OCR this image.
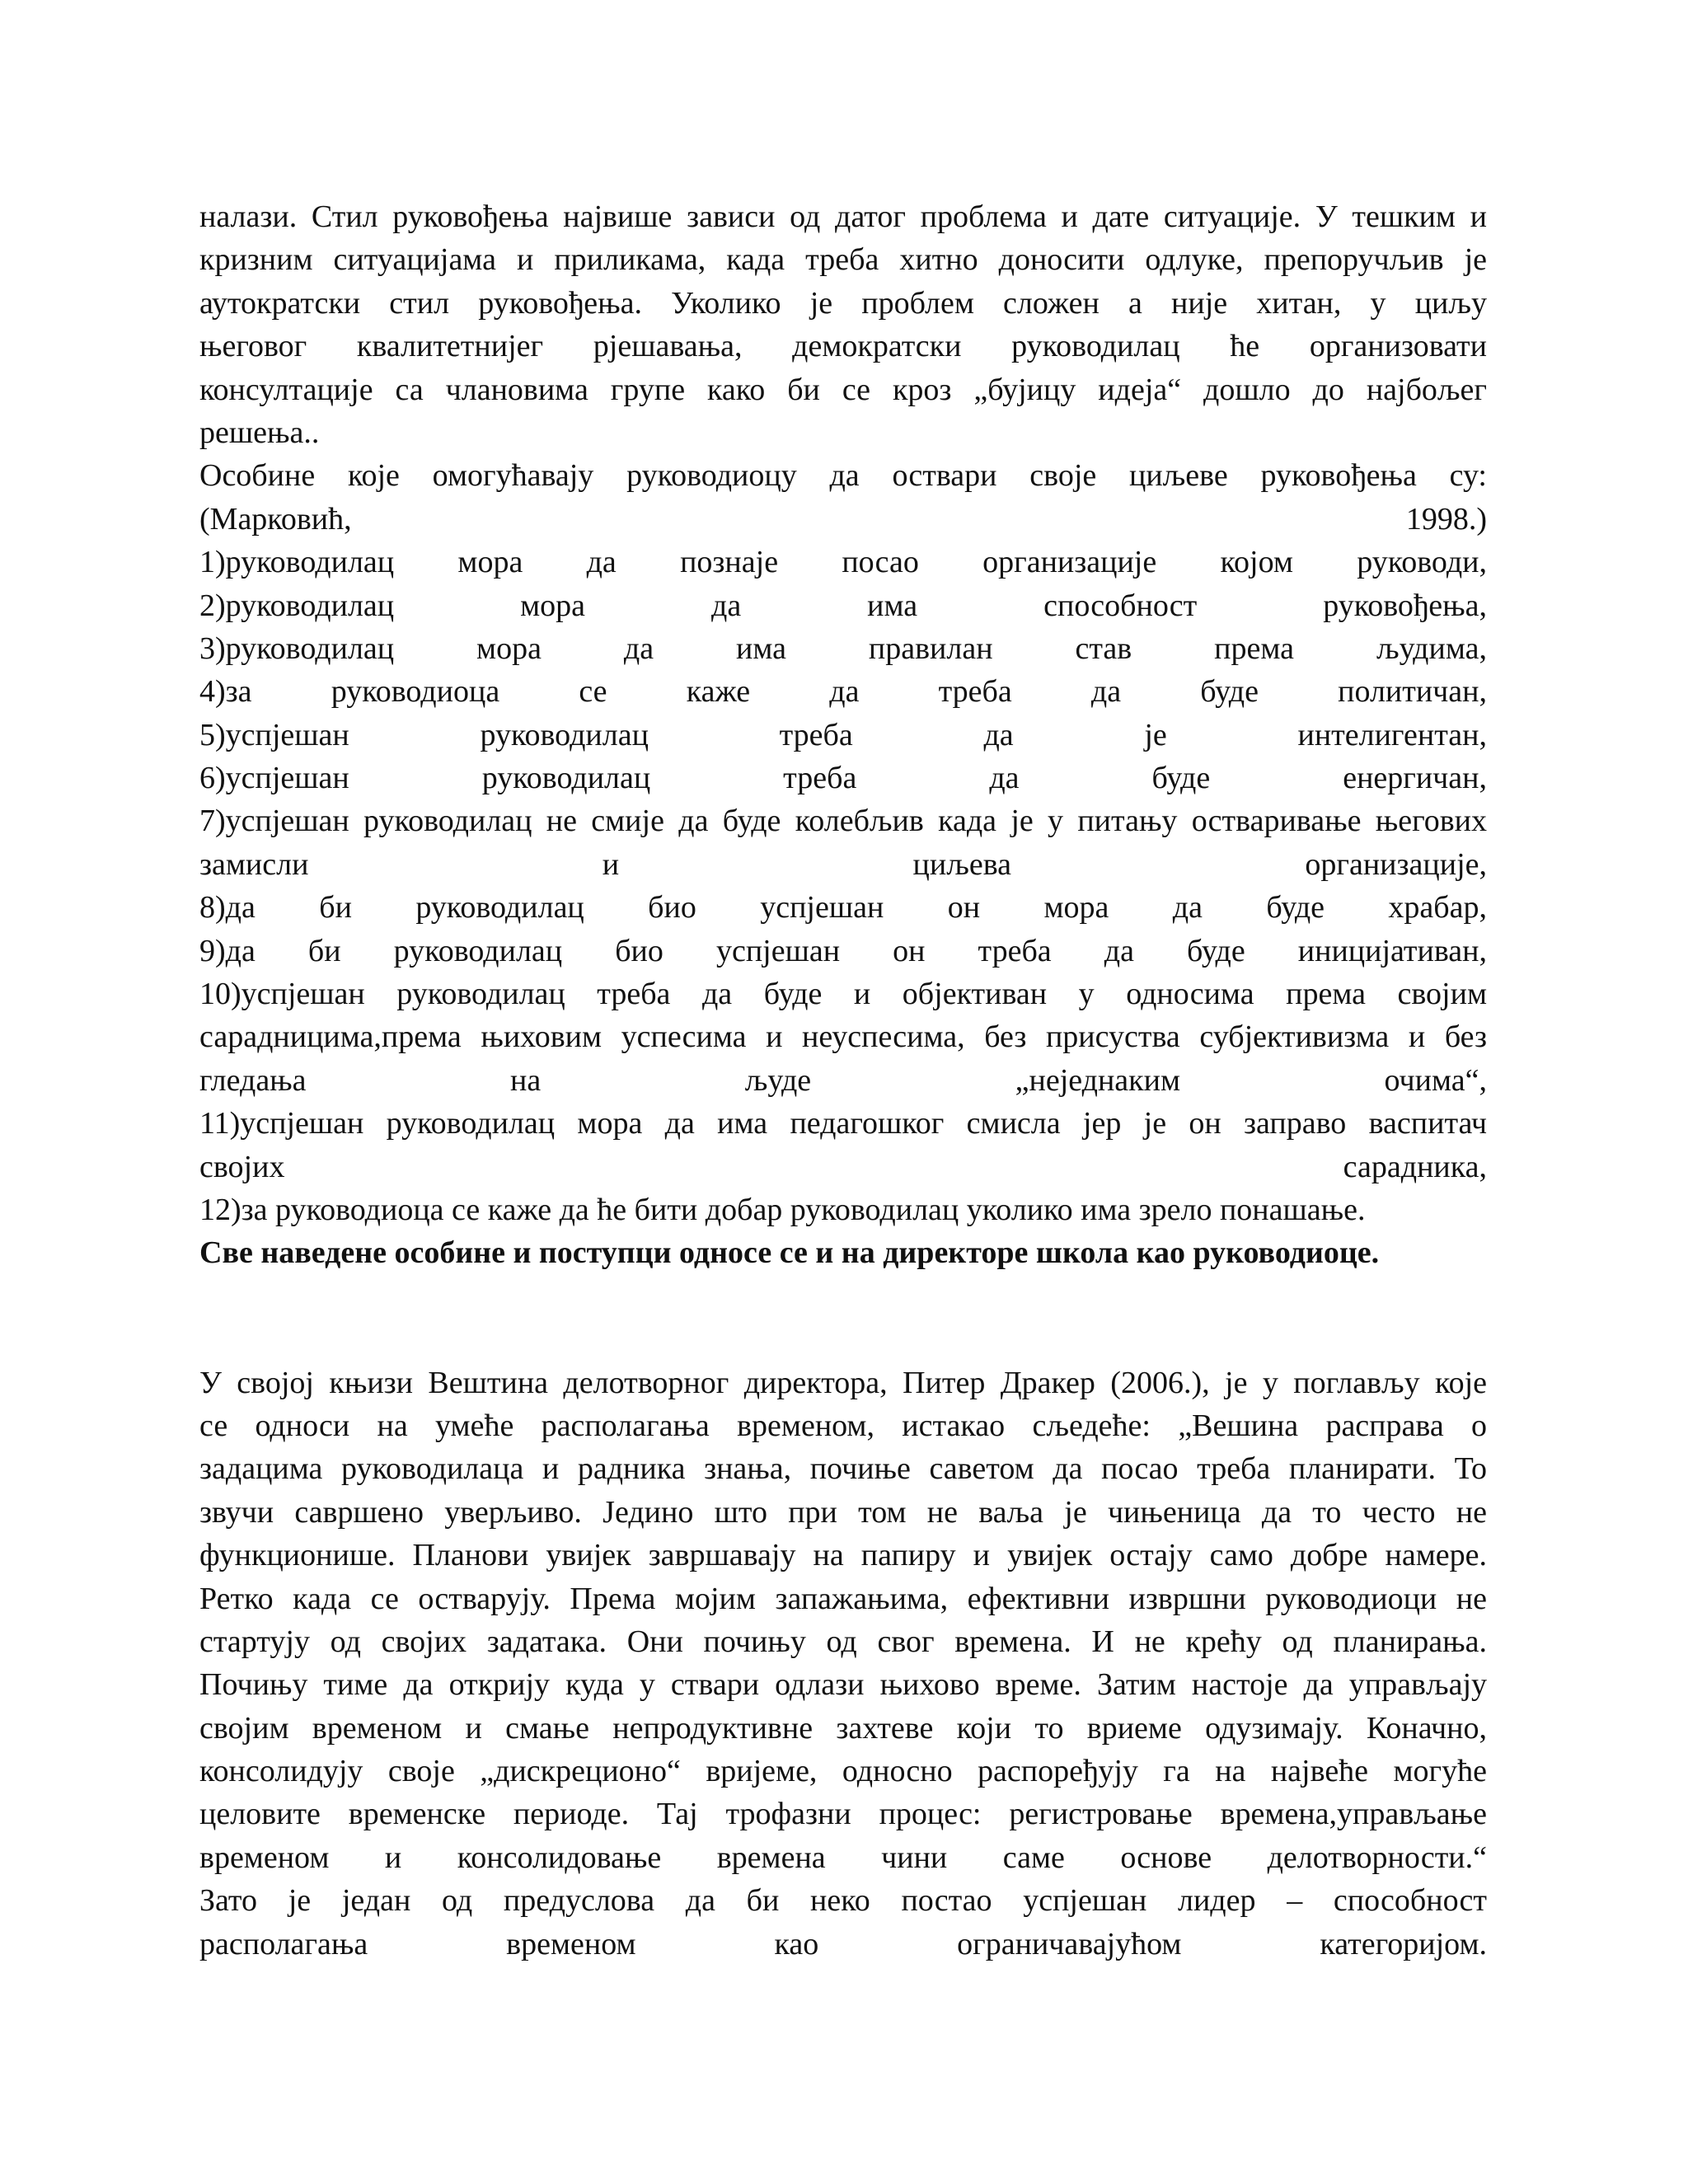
налази. Стил руковођења највише зависи од датог проблема и дате ситуације. У тешким и
кризним ситуацијама и приликама, када треба хитно доносити одлуке, препоручљив је
аутократски стил руковођења. Уколико је проблем сложен а није хитан, у циљу
његовог квалитетнијег рјешавања, демократски руководилац ће организовати
консултације са члановима групе како би се кроз „бујицу идеја“ дошло до најбољег
решења..
Особине које омогућавају руководиоцу да оствари своје циљеве руковођења су:
(Марковић, 1998.)
1)руководилац мора да познаје посао организације којом руководи,
2)руководилац мора да има способност руковођења,
3)руководилац мора да има правилан став према људима,
4)за руководиоца се каже да треба да буде политичан,
5)успјешан руководилац треба да је интелигентан,
6)успјешан руководилац треба да буде енергичан,
7)успјешан руководилац не смије да буде колебљив када је у питању остваривање његових
замисли и циљева организације,
8)да би руководилац био успјешан он мора да буде храбар,
9)да би руководилац био успјешан он треба да буде иницијативан,
10)успјешан руководилац треба да буде и објективан у односима према својим
сарадницима,према њиховим успесима и неуспесима, без присуства субјективизма и без
гледања на људе „неједнаким очима“,
11)успјешан руководилац мора да има педагошког смисла јер је он заправо васпитач
својих сарадника,
12)за руководиоца се каже да ће бити добар руководилац уколико има зрело понашање.
Све наведене особине и поступци односе се и на директоре школа као руководиоце.
У својој књизи Вештина делотворног директора, Питер Дракер (2006.), је у поглављу које
се односи на умеће располагања временом, истакао сљедеће: „Вешина расправа о
задацима руководилаца и радника знања, почиње саветом да посао треба планирати. То
звучи савршено уверљиво. Једино што при том не ваља је чињеница да то често не
функционише. Планови увијек завршавају на папиру и увијек остају само добре намере.
Ретко када се остварују. Према мојим запажањима, ефективни извршни руководиоци не
стартују од својих задатака. Они почињу од свог времена. И не крећу од планирања.
Почињу тиме да открију куда у ствари одлази њихово време. Затим настоје да управљају
својим временом и смање непродуктивне захтеве који то вриеме одузимају. Коначно,
консолидују своје „дискреционо“ вријеме, односно распоређују га на највеће могуће
целовите временске периоде. Тај трофазни процес: регистровање времена,управљање
временом и консолидовање времена чини саме основе делотворности.“
Зато је један од предуслова да би неко постао успјешан лидер – способност
располагања временом као ограничавајућом категоријом.
